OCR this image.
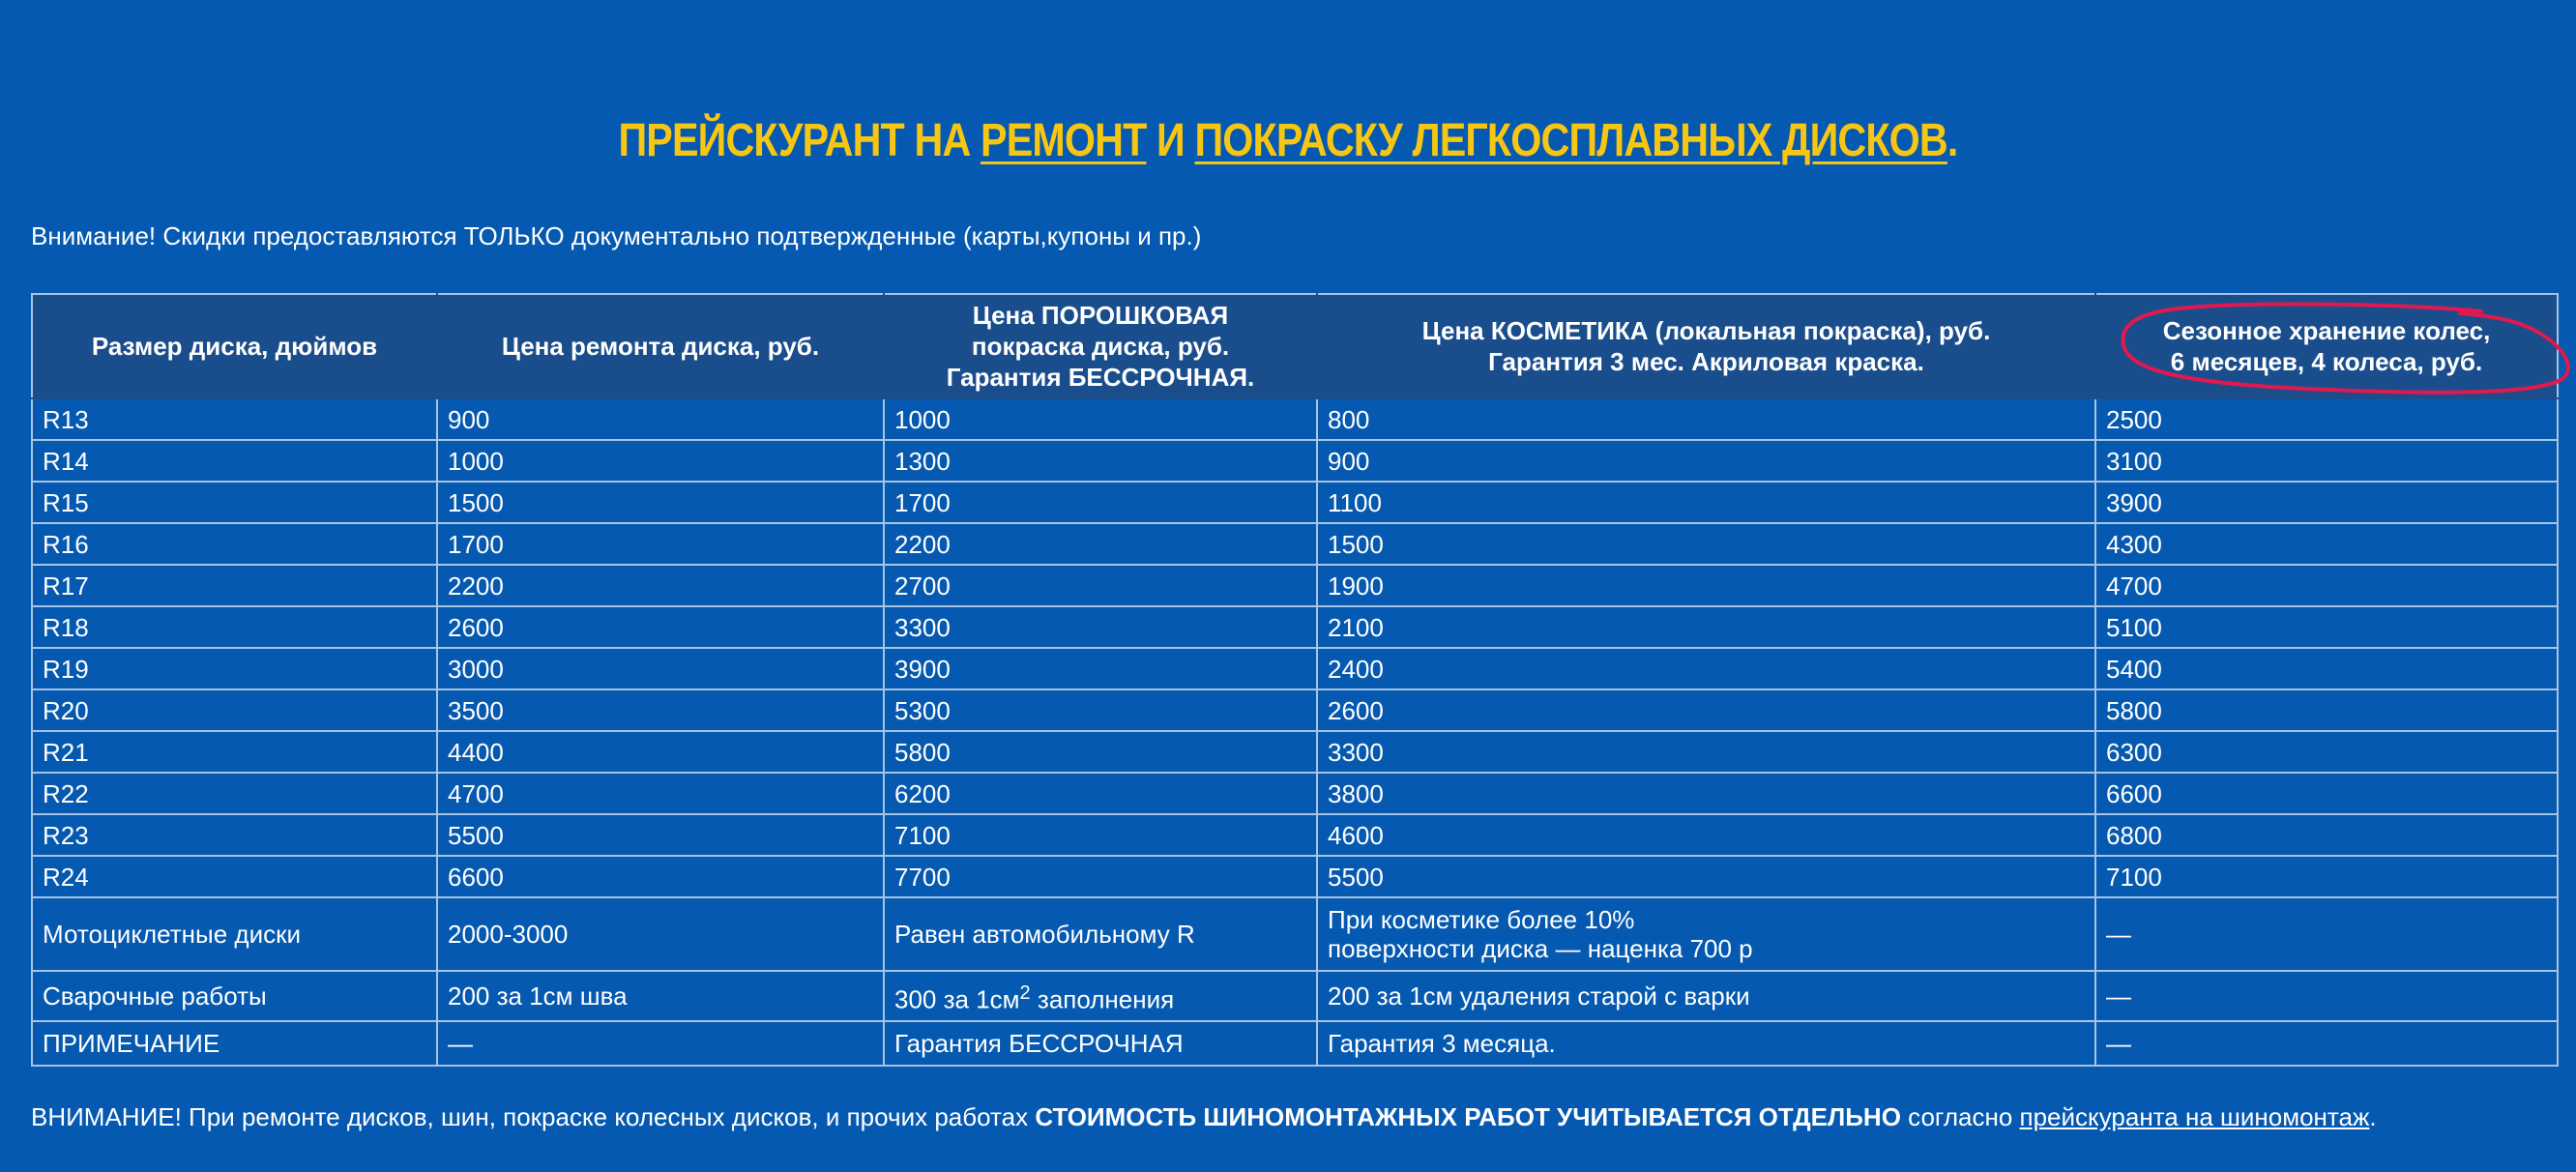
ПРЕЙСКУРАНТ НА РЕМОНТ И ПОКРАСКУ ЛЕГКОСПЛАВНЫХ ДИСКОВ.
Внимание! Скидки предоставляются ТОЛЬКО документально подтвержденные (карты,купоны и пр.)
Размер диска, дюймов	Цена ремонта диска, руб.	Цена ПОРОШКОВАЯ
покраска диска, руб.
Гарантия БЕССРОЧНАЯ.	Цена КОСМЕТИКА (локальная покраска), руб.
Гарантия 3 мес. Акриловая краска.	Сезонное хранение колес,
6 месяцев, 4 колеса, руб.
R13	900	1000	800	2500
R14	1000	1300	900	3100
R15	1500	1700	1100	3900
R16	1700	2200	1500	4300
R17	2200	2700	1900	4700
R18	2600	3300	2100	5100
R19	3000	3900	2400	5400
R20	3500	5300	2600	5800
R21	4400	5800	3300	6300
R22	4700	6200	3800	6600
R23	5500	7100	4600	6800
R24	6600	7700	5500	7100
Мотоциклетные диски	2000-3000	Равен автомобильному R	При косметике более 10%
поверхности диска — наценка 700 р	—
Сварочные работы	200 за 1см шва	300 за $1см^2$ заполнения	200 за 1см удаления старой с варки	—
ПРИМЕЧАНИЕ	—	Гарантия БЕССРОЧНАЯ	Гарантия 3 месяца.	—
ВНИМАНИЕ! При ремонте дисков, шин, покраске колесных дисков, и прочих работах СТОИМОСТЬ ШИНОМОНТАЖНЫХ РАБОТ УЧИТЫВАЕТСЯ ОТДЕЛЬНО согласно прейскуранта на шиномонтаж.
